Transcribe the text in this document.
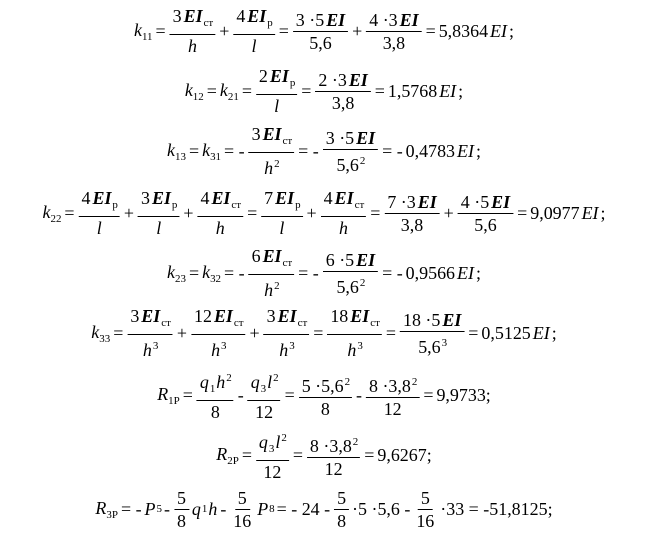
$k_{11} = \frac{3 EI_{ст}}{h} + \frac{4 EI_р}{l} = \frac{3 \cdot 5 EI}{5,6} + \frac{4 \cdot 3 EI}{3,8} = 5,8364$ EI ;
$k_{12} = k_{21} = \frac{2 EI_р}{l} = \frac{2 \cdot 3 EI}{3,8} = 1,5768$ EI ;
$k_{13} = k_{31}$ = - $\frac{3 EI_{ст}}{h^2}$ = - $\frac{3 \cdot 5 EI}{5,6^2}$ = - 0,4783 EI ;
$k_{22} = \frac{4 EI_р}{l} + \frac{3 EI_р}{l} + \frac{4 EI_{ст}}{h} = \frac{7 EI_р}{l} + \frac{4 EI_{ст}}{h} = \frac{7 \cdot 3 EI}{3,8} + \frac{4 \cdot 5 EI}{5,6} = 9,0977$ EI ;
$k_{23} = k_{32}$ = - $\frac{6 EI_{ст}}{h^2}$ = - $\frac{6 \cdot 5 EI}{5,6^2}$ = - 0,9566 EI ;
$k_{33} = \frac{3 EI_{ст}}{h^3} + \frac{12 EI_{ст}}{h^3} + \frac{3 EI_{ст}}{h^3} = \frac{18 EI_{ст}}{h^3} = \frac{18 \cdot 5 EI}{5,6^3} = 0,5125$ EI ;
$R_{1P} = \frac{q_1h^2}{8} - \frac{q_3l^2}{12} = \frac{5 \cdot 5,6^2}{8} - \frac{8 \cdot 3,8^2}{12} = 9,9733$;
$R_{2P} = \frac{q_3l^2}{12} = \frac{8 \cdot 3,8^2}{12} = 9,6267$;
$R_{3P}$ = - P $5 - \frac{5}{8}$ q 1 h - $\frac{5}{16}$ P 8 = - $24 - \frac{5}{8} \cdot 5 \cdot 5,6 - \frac{5}{16} \cdot 33 = -51,8125$;
